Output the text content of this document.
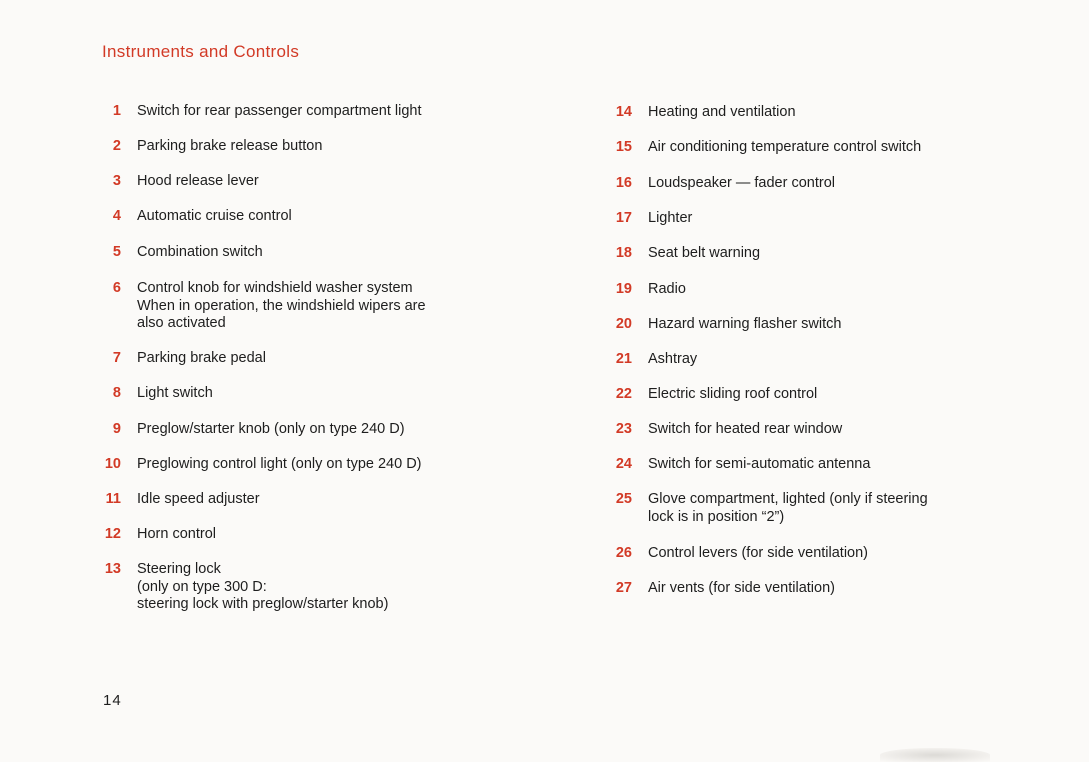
Instruments and Controls
1 Switch for rear passenger compartment light
2 Parking brake release button
3 Hood release lever
4 Automatic cruise control
5 Combination switch
6 Control knob for windshield washer system
When in operation, the windshield wipers are
also activated
7 Parking brake pedal
8 Light switch
9 Preglow/starter knob (only on type 240 D)
10 Preglowing control light (only on type 240 D)
11 Idle speed adjuster
12 Horn control
13 Steering lock
(only on type 300 D:
steering lock with preglow/starter knob)
14 Heating and ventilation
15 Air conditioning temperature control switch
16 Loudspeaker — fader control
17 Lighter
18 Seat belt warning
19 Radio
20 Hazard warning flasher switch
21 Ashtray
22 Electric sliding roof control
23 Switch for heated rear window
24 Switch for semi-automatic antenna
25 Glove compartment, lighted (only if steering
lock is in position “2”)
26 Control levers (for side ventilation)
27 Air vents (for side ventilation)
14
